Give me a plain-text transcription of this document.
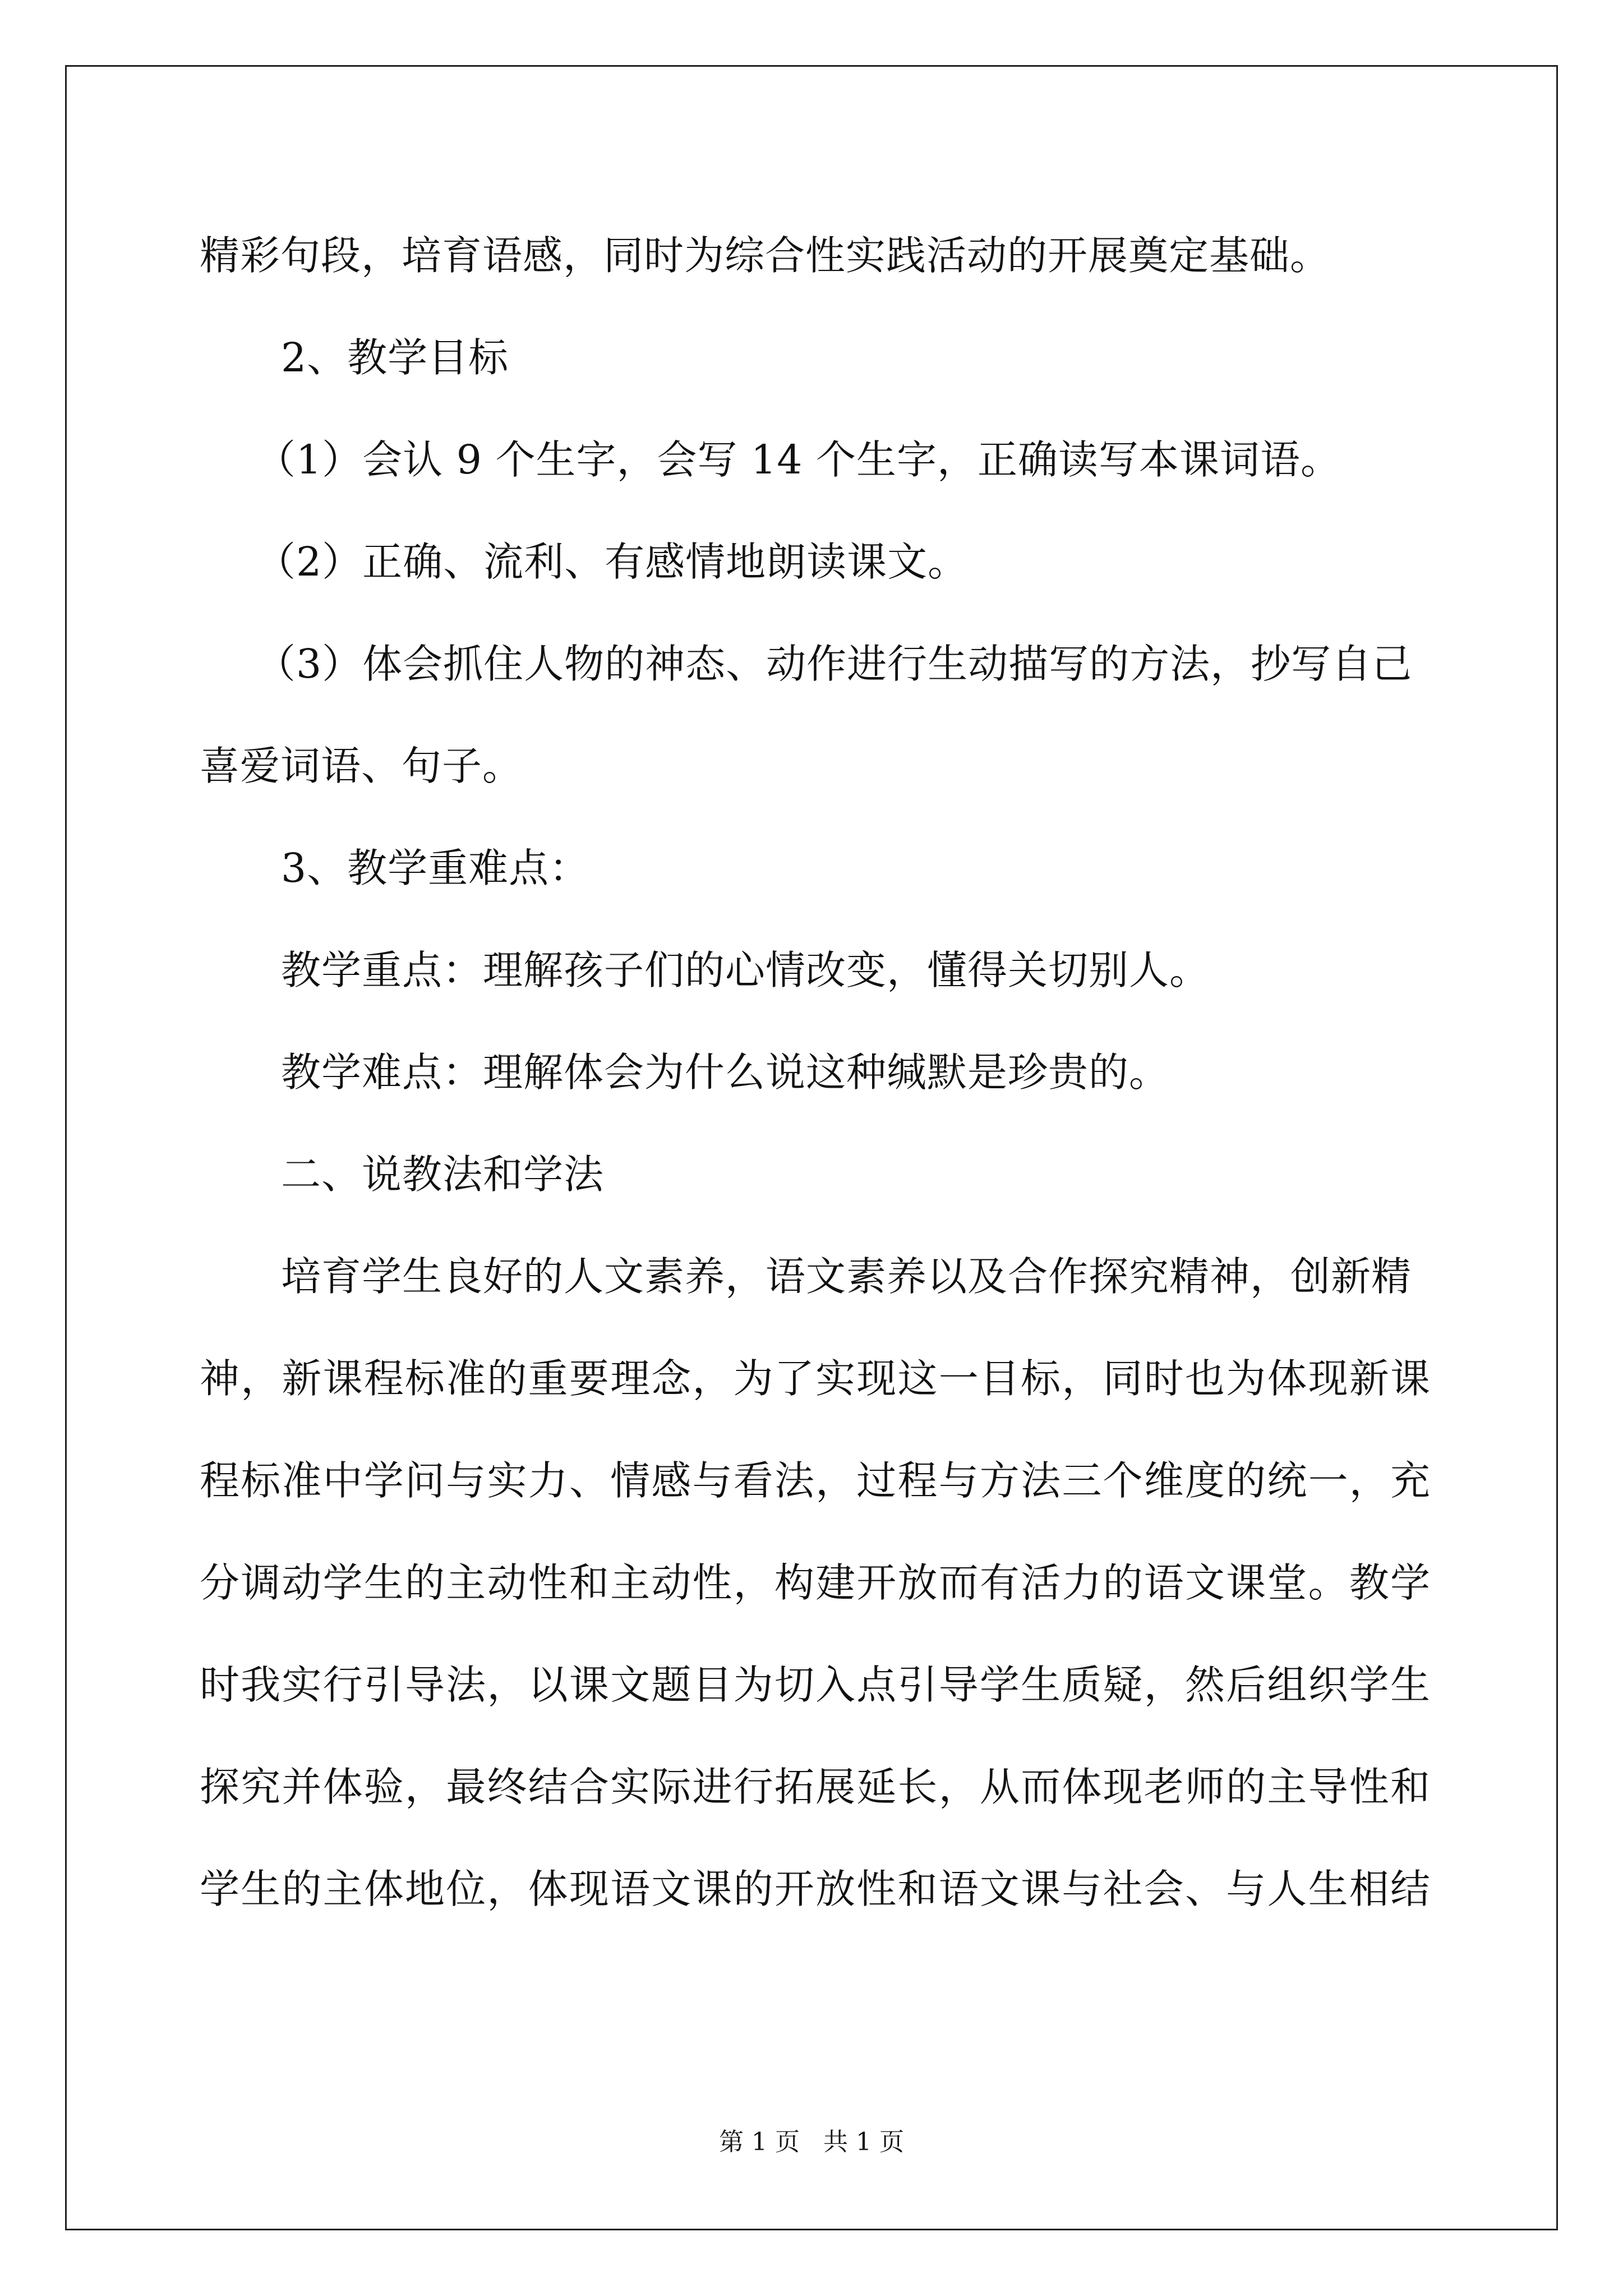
精彩句段，培育语感，同时为综合性实践活动的开展奠定基础。
2、教学目标
（1）会认 9 个生字，会写 14 个生字，正确读写本课词语。
（2）正确、流利、有感情地朗读课文。
（3）体会抓住人物的神态、动作进行生动描写的方法，抄写自己
喜爱词语、句子。
3、教学重难点：
教学重点：理解孩子们的心情改变，懂得关切别人。
教学难点：理解体会为什么说这种缄默是珍贵的。
二、说教法和学法
培育学生良好的人文素养，语文素养以及合作探究精神，创新精
神，新课程标准的重要理念，为了实现这一目标，同时也为体现新课
程标准中学问与实力、情感与看法，过程与方法三个维度的统一，充
分调动学生的主动性和主动性，构建开放而有活力的语文课堂。教学
时我实行引导法，以课文题目为切入点引导学生质疑，然后组织学生
探究并体验，最终结合实际进行拓展延长，从而体现老师的主导性和
学生的主体地位，体现语文课的开放性和语文课与社会、与人生相结
第 1 页 共 1 页
